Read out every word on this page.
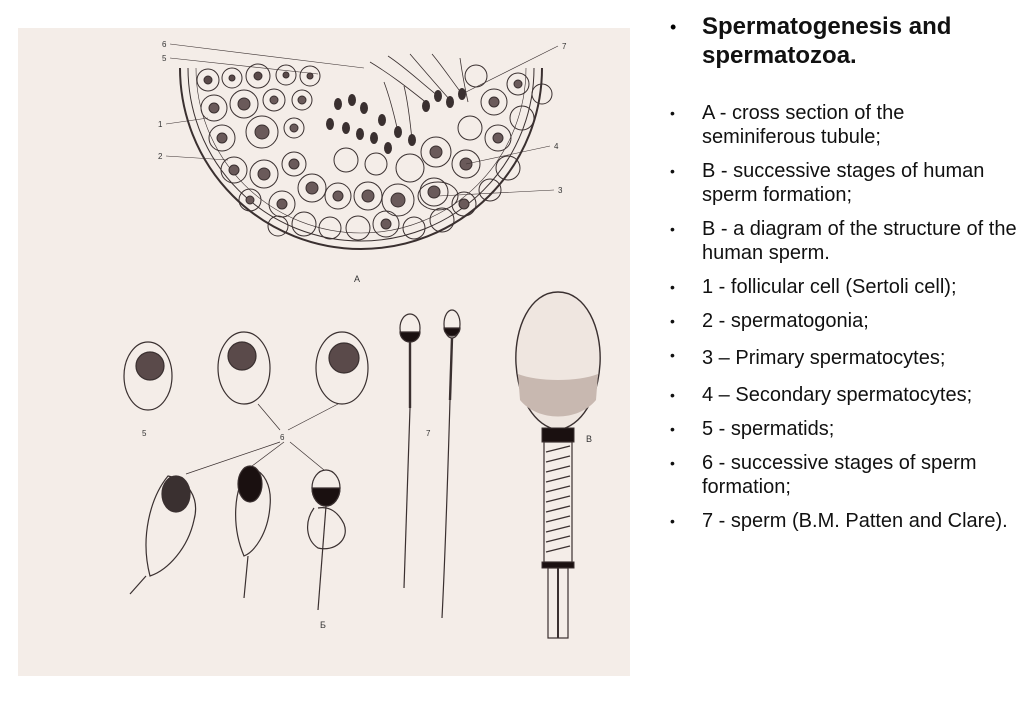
6
5
1
2
7
4
3
А
5	6	7
Б
В
• Spermatogenesis and spermatozoa.
• A - cross section of the seminiferous tubule;
• B - successive stages of human sperm formation;
• B - a diagram of the structure of the human sperm.
• 1 - follicular cell (Sertoli cell);
• 2 - spermatogonia;
• 3 – Primary spermatocytes;
• 4 – Secondary spermatocytes;
• 5 - spermatids;
• 6 - successive stages of sperm formation;
• 7 - sperm (B.M. Patten and Clare).
